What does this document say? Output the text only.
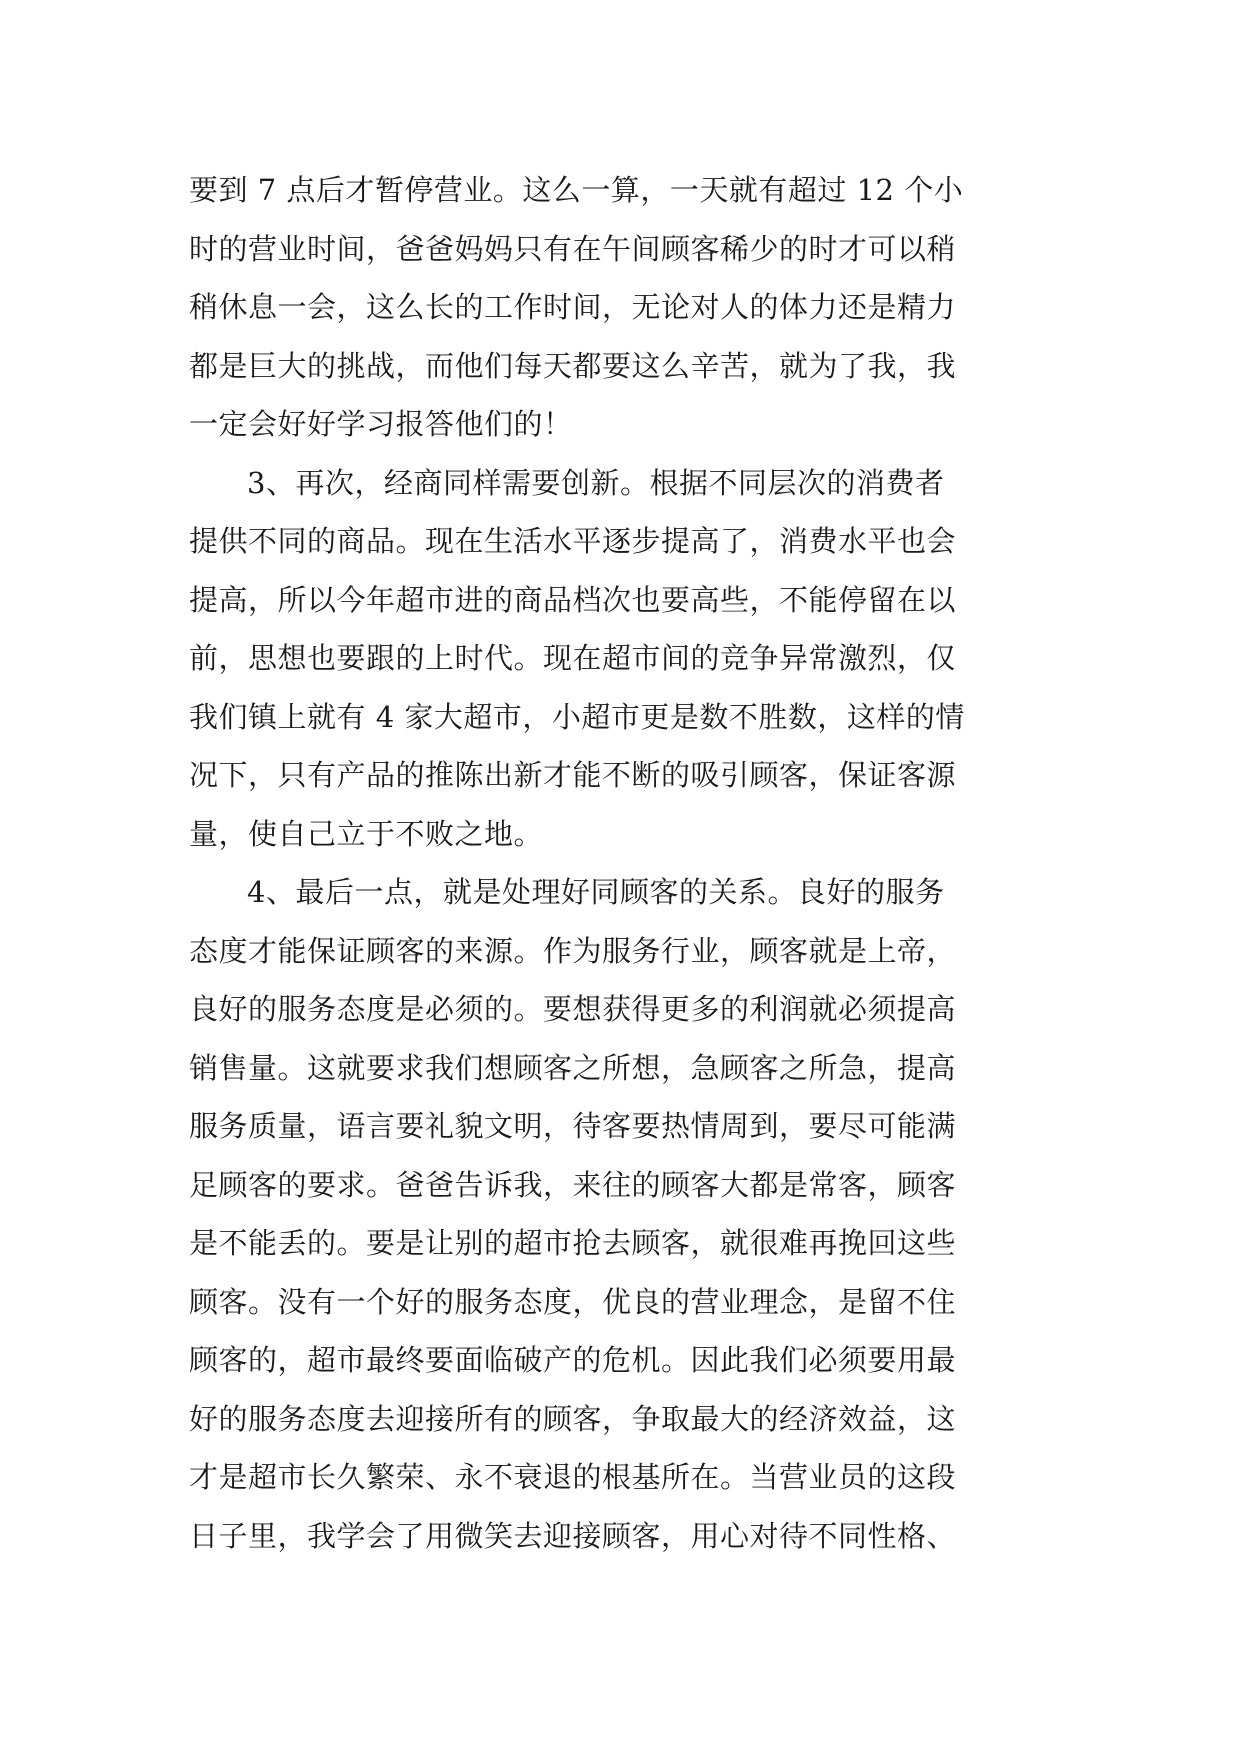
要到 7 点后才暂停营业。这么一算，一天就有超过 12 个小
时的营业时间，爸爸妈妈只有在午间顾客稀少的时才可以稍
稍休息一会，这么长的工作时间，无论对人的体力还是精力
都是巨大的挑战，而他们每天都要这么辛苦，就为了我，我
一定会好好学习报答他们的！
3、再次，经商同样需要创新。根据不同层次的消费者
提供不同的商品。现在生活水平逐步提高了，消费水平也会
提高，所以今年超市进的商品档次也要高些，不能停留在以
前，思想也要跟的上时代。现在超市间的竞争异常激烈，仅
我们镇上就有 4 家大超市，小超市更是数不胜数，这样的情
况下，只有产品的推陈出新才能不断的吸引顾客，保证客源
量，使自己立于不败之地。
4、最后一点，就是处理好同顾客的关系。良好的服务
态度才能保证顾客的来源。作为服务行业，顾客就是上帝，
良好的服务态度是必须的。要想获得更多的利润就必须提高
销售量。这就要求我们想顾客之所想，急顾客之所急，提高
服务质量，语言要礼貌文明，待客要热情周到，要尽可能满
足顾客的要求。爸爸告诉我，来往的顾客大都是常客，顾客
是不能丢的。要是让别的超市抢去顾客，就很难再挽回这些
顾客。没有一个好的服务态度，优良的营业理念，是留不住
顾客的，超市最终要面临破产的危机。因此我们必须要用最
好的服务态度去迎接所有的顾客，争取最大的经济效益，这
才是超市长久繁荣、永不衰退的根基所在。当营业员的这段
日子里，我学会了用微笑去迎接顾客，用心对待不同性格、
